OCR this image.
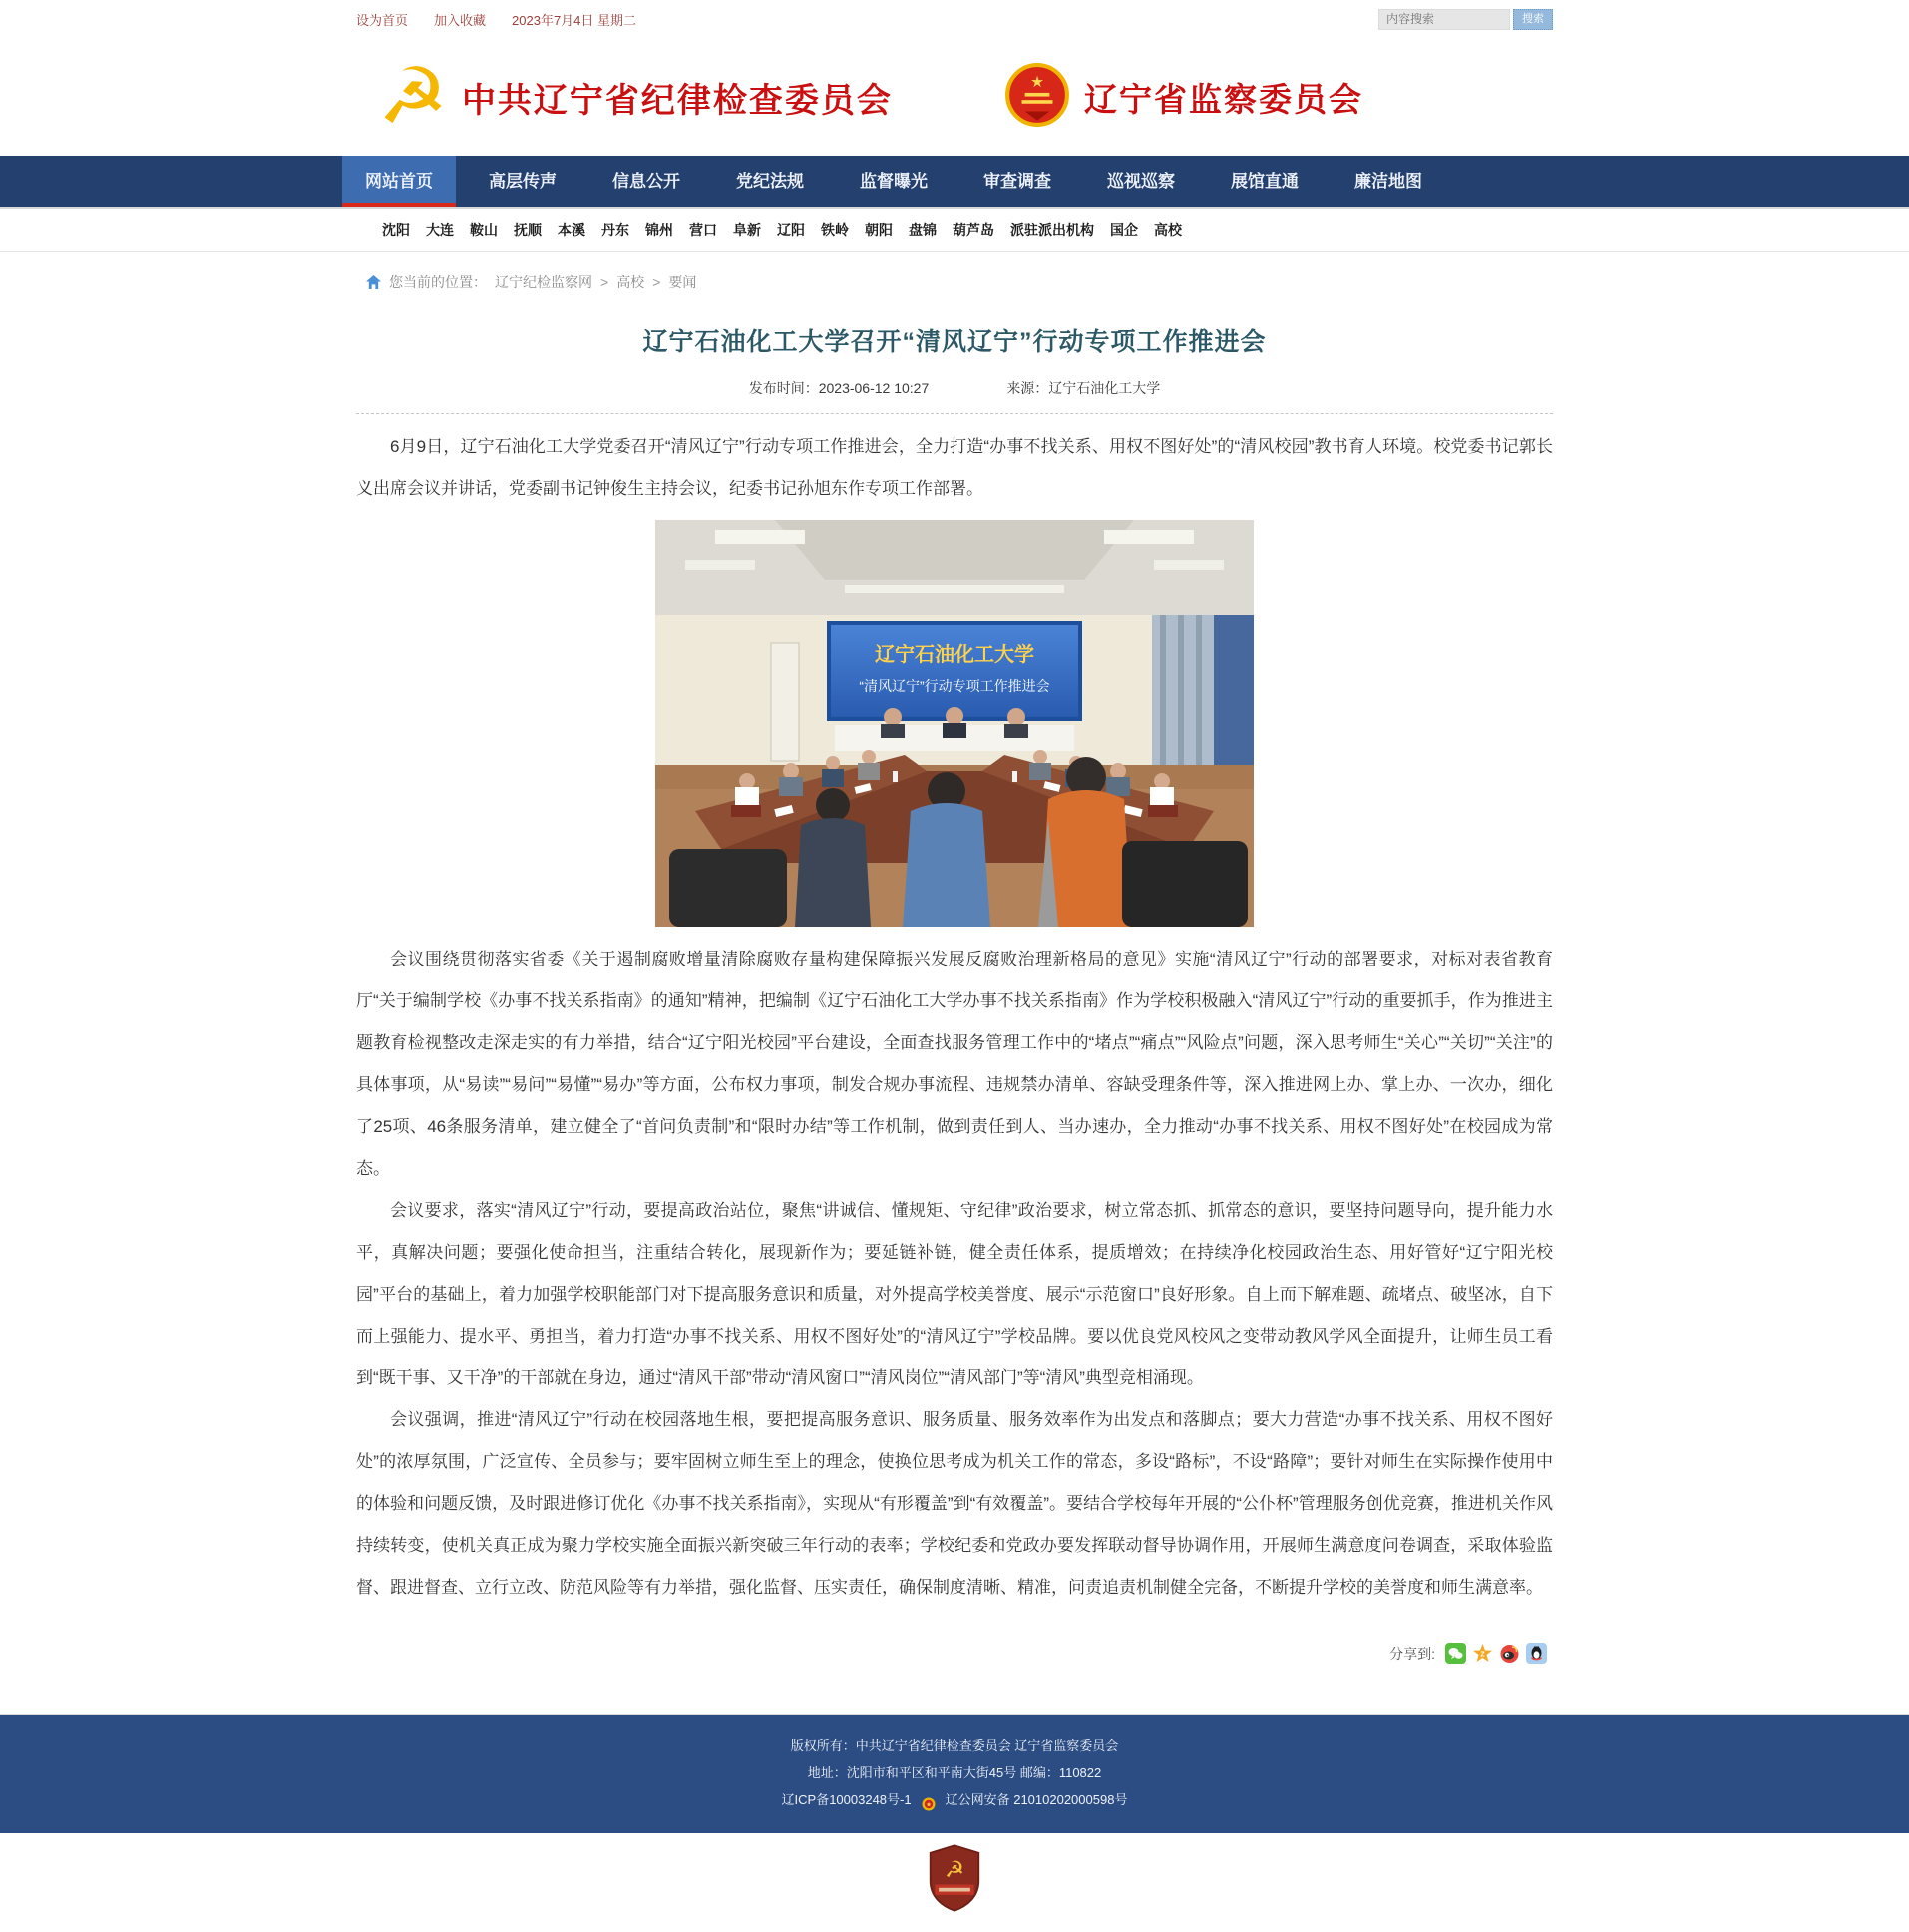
设为首页 加入收藏 2023年7月4日 星期二
内容搜索	搜索
☭ 中共辽宁省纪律检查委员会	★ 辽宁省监察委员会
网站首页	高层传声	信息公开	党纪法规	监督曝光	审查调查	巡视巡察	展馆直通	廉洁地图
沈阳 大连 鞍山 抚顺 本溪 丹东 锦州 营口 阜新 辽阳 铁岭 朝阳 盘锦 葫芦岛 派驻派出机构 国企 高校
您当前的位置： 辽宁纪检监察网 > 高校 > 要闻
辽宁石油化工大学召开“清风辽宁”行动专项工作推进会
发布时间：2023-06-12 10:27	来源：辽宁石油化工大学

6月9日，辽宁石油化工大学党委召开“清风辽宁”行动专项工作推进会，全力打造“办事不找关系、用权不图好处”的“清风校园”教书育人环境。校党委书记郭长义出席会议并讲话，党委副书记钟俊生主持会议，纪委书记孙旭东作专项工作部署。

辽宁石油化工大学
“清风辽宁”行动专项工作推进会

会议围绕贯彻落实省委《关于遏制腐败增量清除腐败存量构建保障振兴发展反腐败治理新格局的意见》实施“清风辽宁”行动的部署要求，对标对表省教育厅“关于编制学校《办事不找关系指南》的通知”精神，把编制《辽宁石油化工大学办事不找关系指南》作为学校积极融入“清风辽宁”行动的重要抓手，作为推进主题教育检视整改走深走实的有力举措，结合“辽宁阳光校园”平台建设，全面查找服务管理工作中的“堵点”“痛点”“风险点”问题，深入思考师生“关心”“关切”“关注”的具体事项，从“易读”“易问”“易懂”“易办”等方面，公布权力事项，制发合规办事流程、违规禁办清单、容缺受理条件等，深入推进网上办、掌上办、一次办，细化了25项、46条服务清单，建立健全了“首问负责制”和“限时办结”等工作机制，做到责任到人、当办速办，全力推动“办事不找关系、用权不图好处”在校园成为常态。

会议要求，落实“清风辽宁”行动，要提高政治站位，聚焦“讲诚信、懂规矩、守纪律”政治要求，树立常态抓、抓常态的意识，要坚持问题导向，提升能力水平，真解决问题；要强化使命担当，注重结合转化，展现新作为；要延链补链，健全责任体系，提质增效；在持续净化校园政治生态、用好管好“辽宁阳光校园”平台的基础上，着力加强学校职能部门对下提高服务意识和质量，对外提高学校美誉度、展示“示范窗口”良好形象。自上而下解难题、疏堵点、破坚冰，自下而上强能力、提水平、勇担当，着力打造“办事不找关系、用权不图好处”的“清风辽宁”学校品牌。要以优良党风校风之变带动教风学风全面提升，让师生员工看到“既干事、又干净”的干部就在身边，通过“清风干部”带动“清风窗口”“清风岗位”“清风部门”等“清风”典型竞相涌现。

会议强调，推进“清风辽宁”行动在校园落地生根，要把提高服务意识、服务质量、服务效率作为出发点和落脚点；要大力营造“办事不找关系、用权不图好处”的浓厚氛围，广泛宣传、全员参与；要牢固树立师生至上的理念，使换位思考成为机关工作的常态，多设“路标”，不设“路障”；要针对师生在实际操作使用中的体验和问题反馈，及时跟进修订优化《办事不找关系指南》，实现从“有形覆盖”到“有效覆盖”。要结合学校每年开展的“公仆杯”管理服务创优竞赛，推进机关作风持续转变，使机关真正成为聚力学校实施全面振兴新突破三年行动的表率；学校纪委和党政办要发挥联动督导协调作用，开展师生满意度问卷调查，采取体验监督、跟进督查、立行立改、防范风险等有力举措，强化监督、压实责任，确保制度清晰、精准，问责追责机制健全完备，不断提升学校的美誉度和师生满意率。

分享到:	Z
版权所有：中共辽宁省纪律检查委员会 辽宁省监察委员会
地址：沈阳市和平区和平南大街45号 邮编：110822
辽ICP备10003248号-1 ★ 辽公网安备 21010202000598号
☭
